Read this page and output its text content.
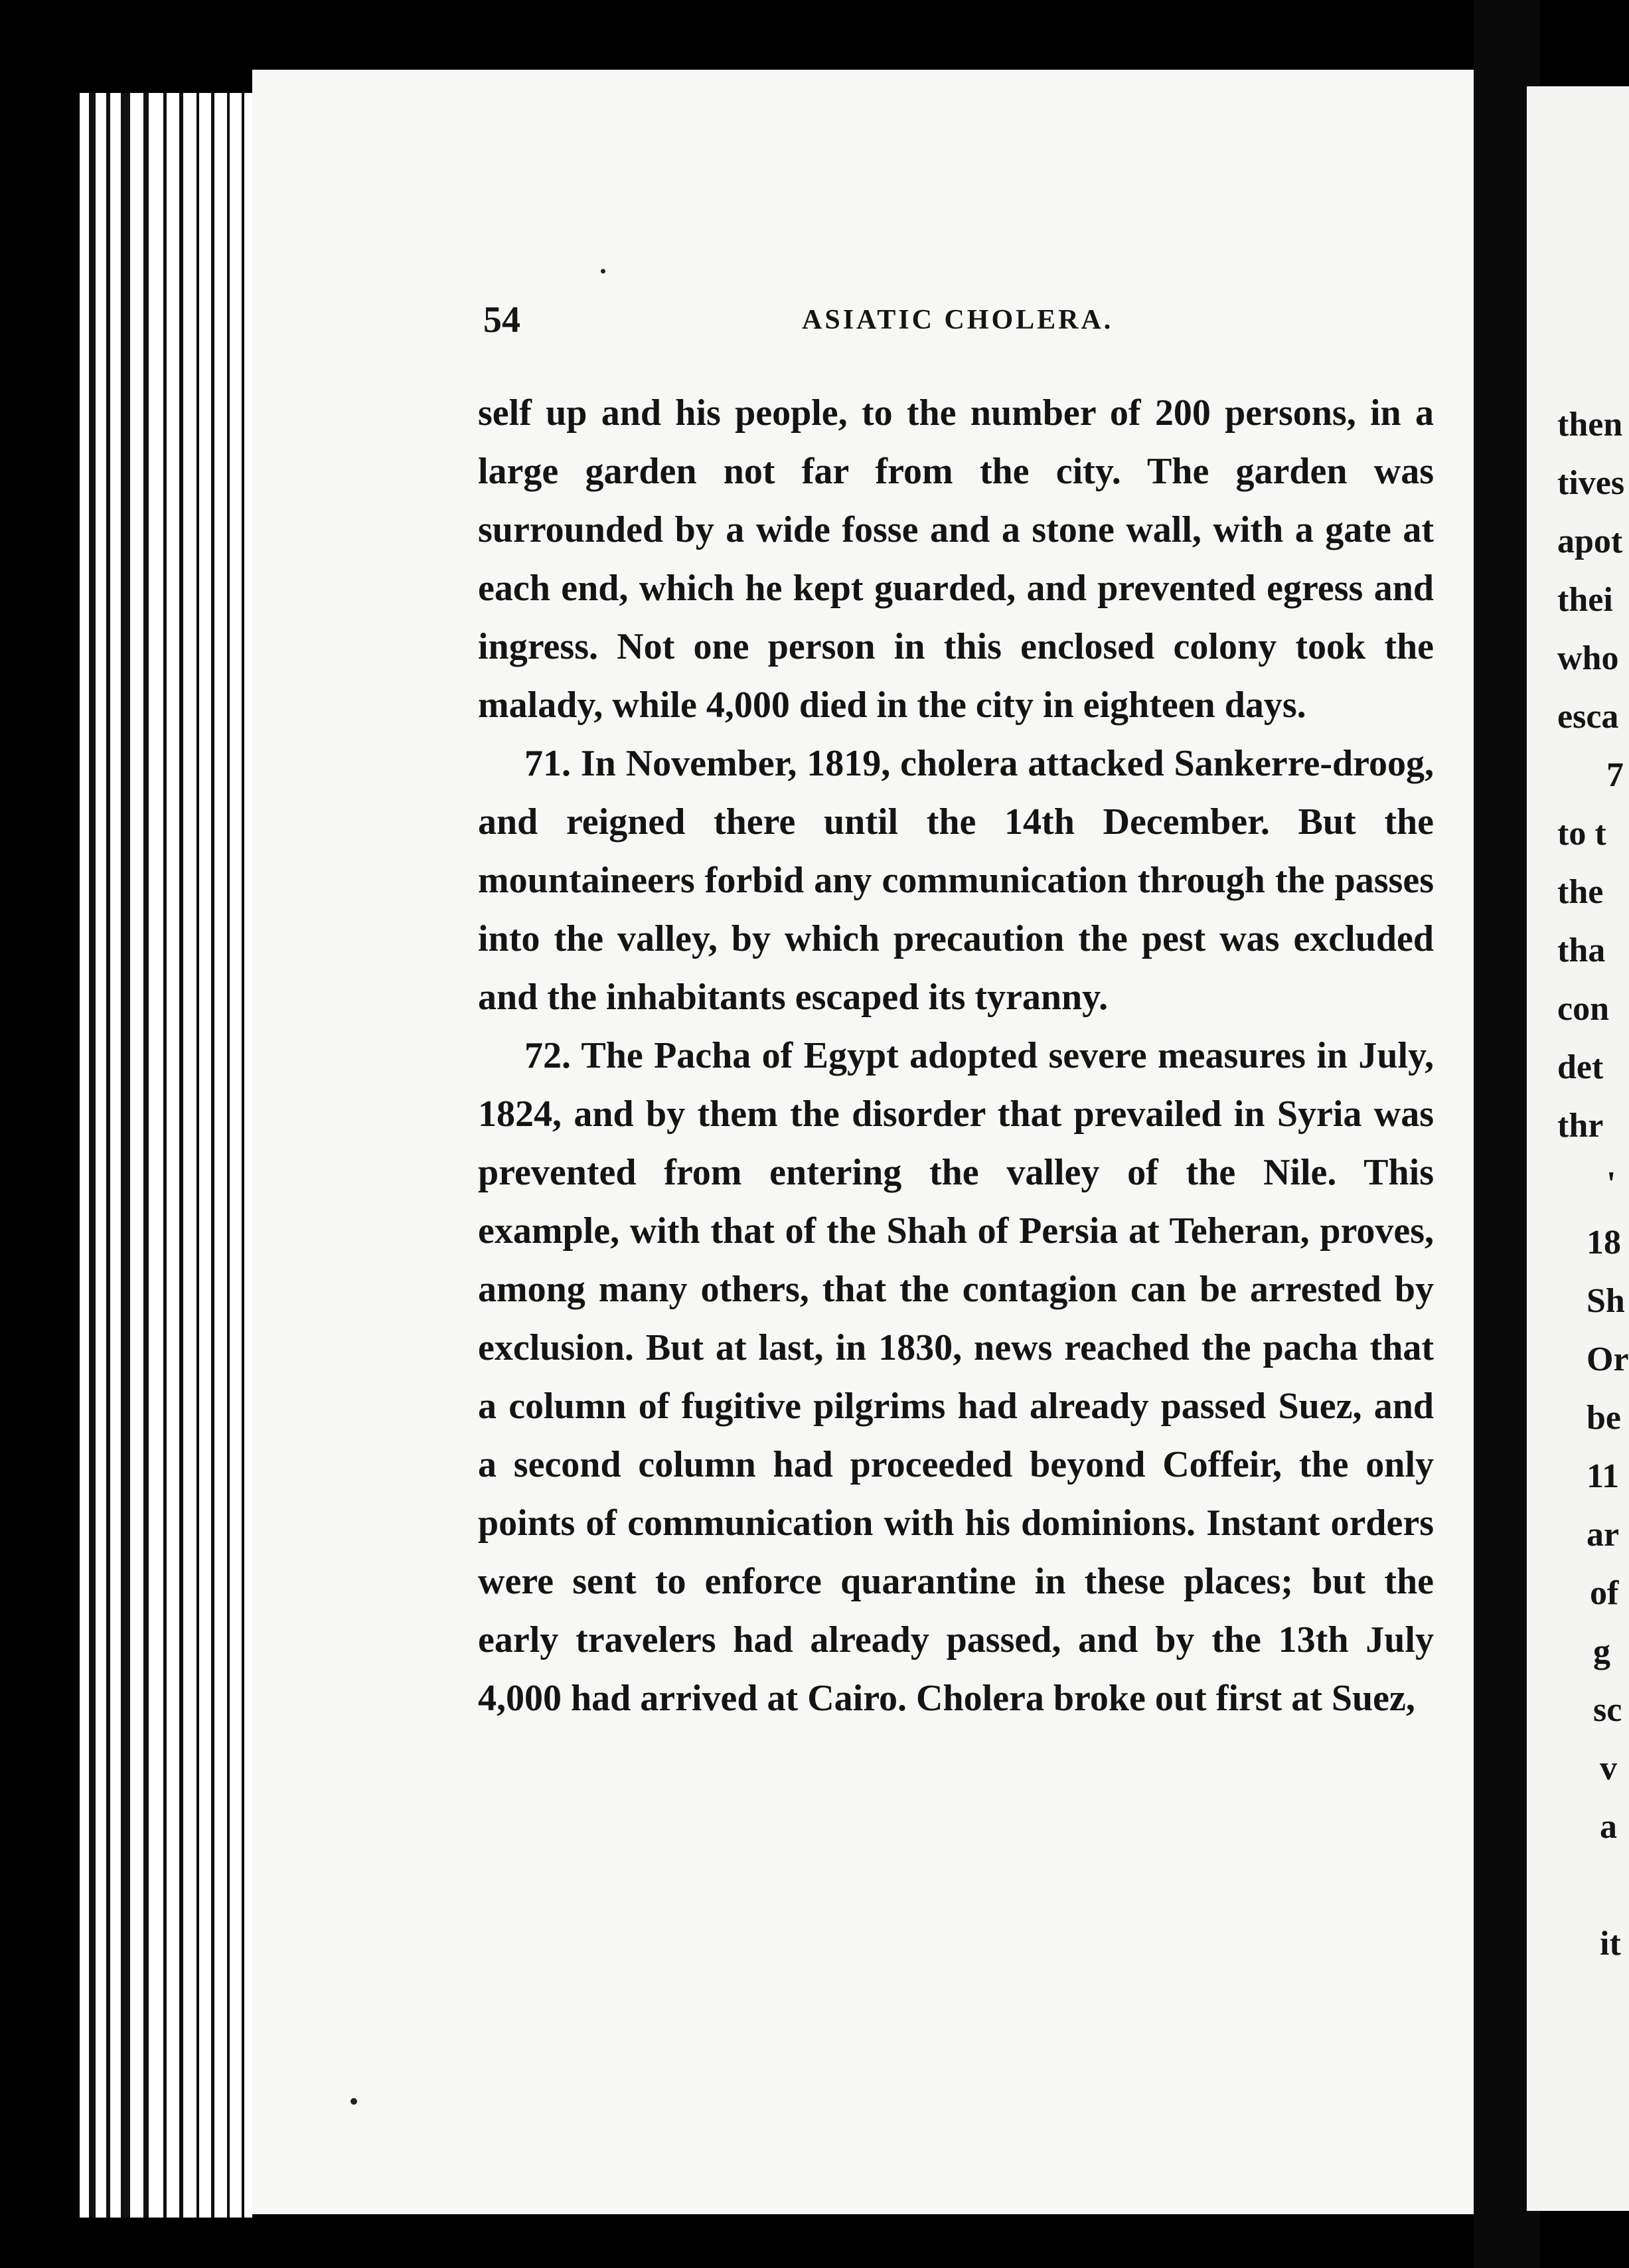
then
tives
apot
thei
who
esca
7
to t
the
tha
con
det
thr
'
18
Sh
Or
be
11
ar
of
g
sc
v
a
it
54	ASIATIC CHOLERA.

self up and his people, to the number of 200 persons, in a large garden not far from the city. The garden was surrounded by a wide fosse and a stone wall, with a gate at each end, which he kept guarded, and prevented egress and ingress. Not one person in this enclosed colony took the malady, while 4,000 died in the city in eighteen days.

71. In November, 1819, cholera attacked Sankerre-droog, and reigned there until the 14th December. But the mountaineers forbid any communication through the passes into the valley, by which precaution the pest was excluded and the inhabitants escaped its tyranny.

72. The Pacha of Egypt adopted severe measures in July, 1824, and by them the disorder that prevailed in Syria was prevented from entering the valley of the Nile. This example, with that of the Shah of Persia at Teheran, proves, among many others, that the contagion can be arrested by exclusion. But at last, in 1830, news reached the pacha that a column of fugitive pilgrims had already passed Suez, and a second column had proceeded beyond Coffeir, the only points of communication with his dominions. Instant orders were sent to enforce quarantine in these places; but the early travelers had already passed, and by the 13th July 4,000 had arrived at Cairo. Cholera broke out first at Suez,
